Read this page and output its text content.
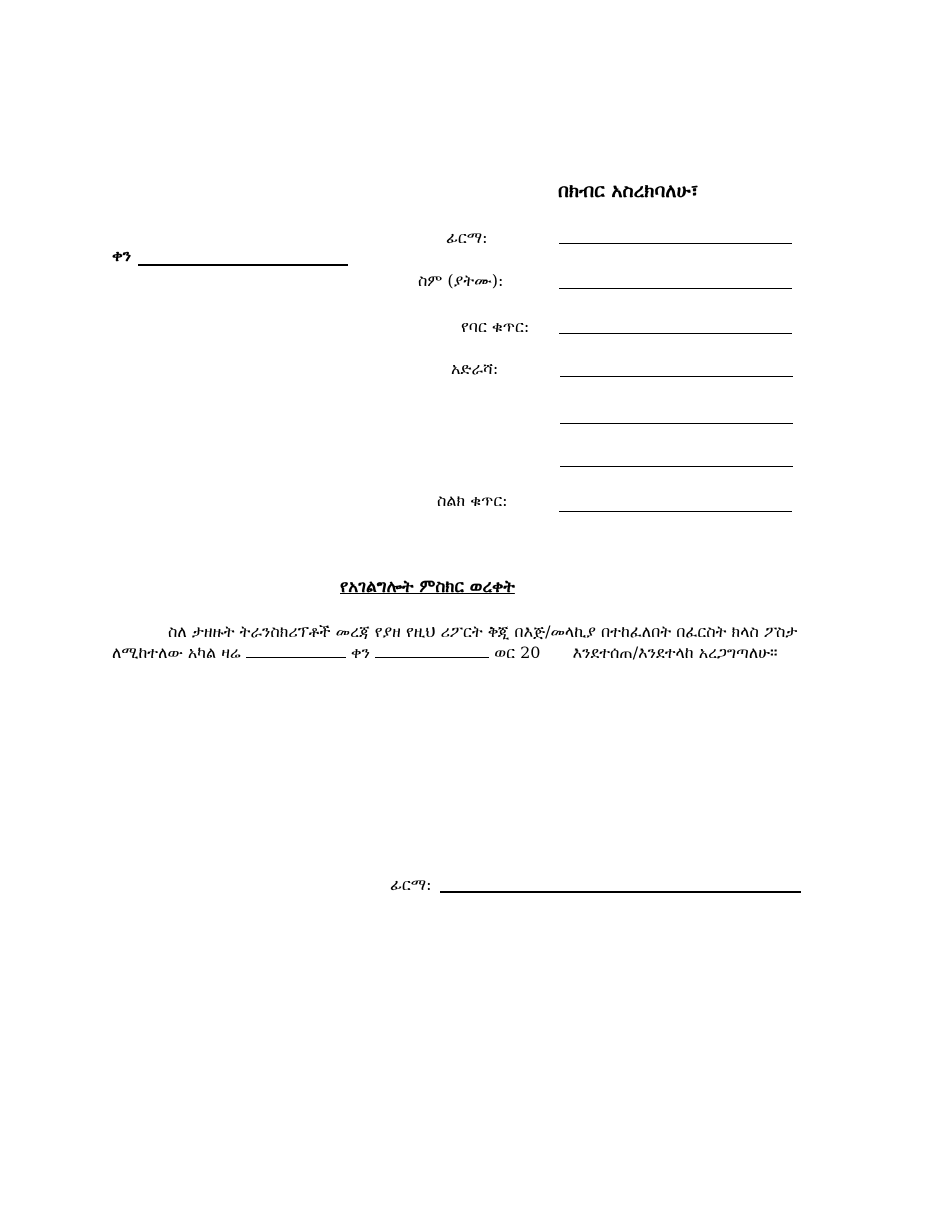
በክብር አስረክባለሁ፣
ቀን
ፊርማ:
ስም (ያትሙ):
የባር ቁጥር:
አድራሻ:
ስልክ ቁጥር:
የአገልግሎት ምስክር ወረቀት
ስለ ታዘዙት ትራንስክሪፕቶች መረጃ የያዘ የዚህ ሪፖርት ቅጂ በእጅ/መላኪያ በተከፈለበት በፈርስት ክላስ ፖስታ ለሚከተለው አካል ዛሬ	ቀን	ወር 20 እንደተሰጠ/እንደተላከ አረጋግጣለሁ።
ፊርማ:
